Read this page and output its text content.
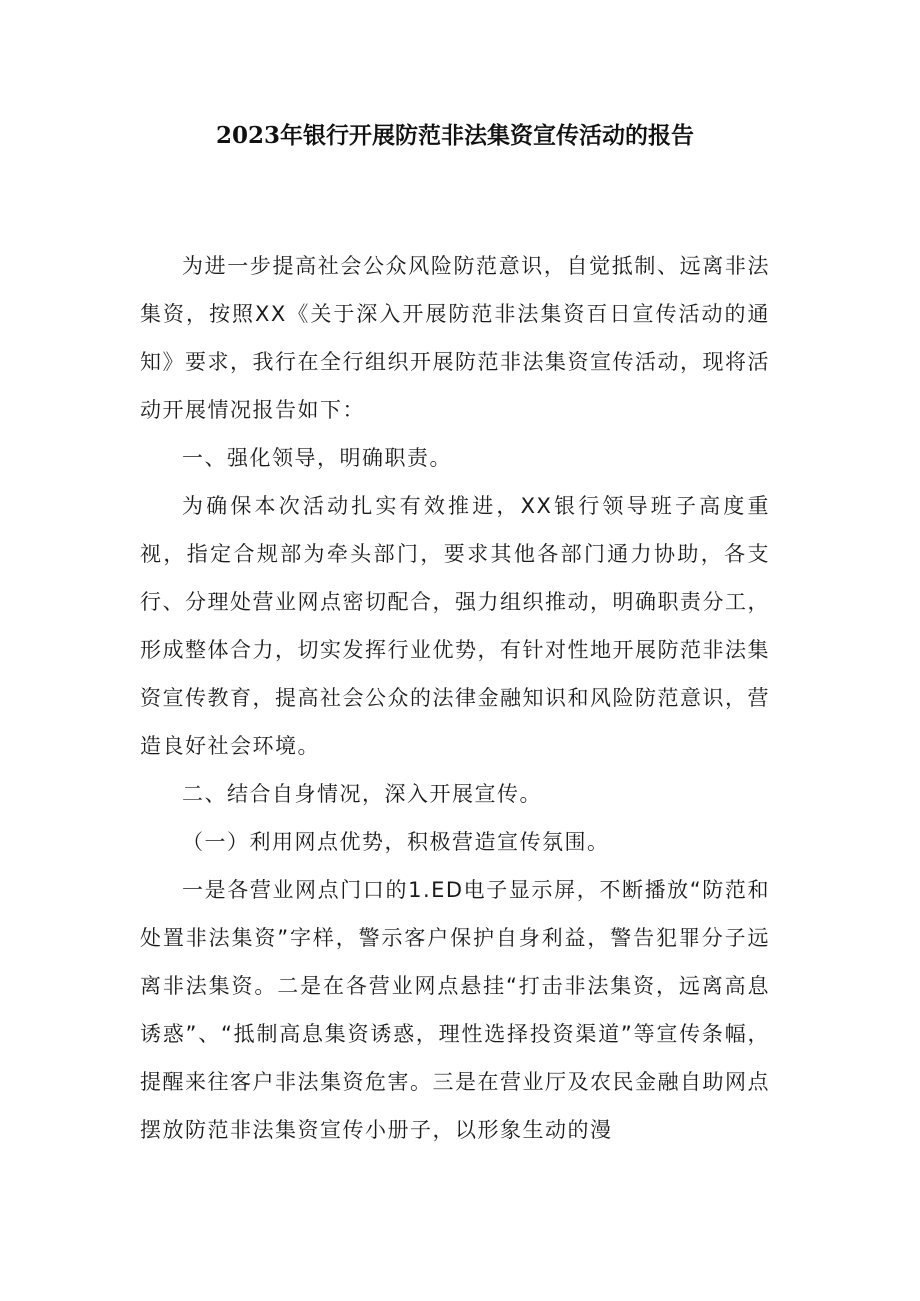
2023年银行开展防范非法集资宣传活动的报告

为进一步提高社会公众风险防范意识，自觉抵制、远离非法集资，按照XX《关于深入开展防范非法集资百日宣传活动的通知》要求，我行在全行组织开展防范非法集资宣传活动，现将活动开展情况报告如下：

一、强化领导，明确职责。

为确保本次活动扎实有效推进，XX银行领导班子高度重视，指定合规部为牵头部门，要求其他各部门通力协助，各支行、分理处营业网点密切配合，强力组织推动，明确职责分工，形成整体合力，切实发挥行业优势，有针对性地开展防范非法集资宣传教育，提高社会公众的法律金融知识和风险防范意识，营造良好社会环境。

二、结合自身情况，深入开展宣传。

（一）利用网点优势，积极营造宣传氛围。

一是各营业网点门口的1.ED电子显示屏，不断播放“防范和处置非法集资”字样，警示客户保护自身利益，警告犯罪分子远离非法集资。二是在各营业网点悬挂“打击非法集资，远离高息诱惑”、“抵制高息集资诱惑，理性选择投资渠道”等宣传条幅，提醒来往客户非法集资危害。三是在营业厅及农民金融自助网点摆放防范非法集资宣传小册子，以形象生动的漫
